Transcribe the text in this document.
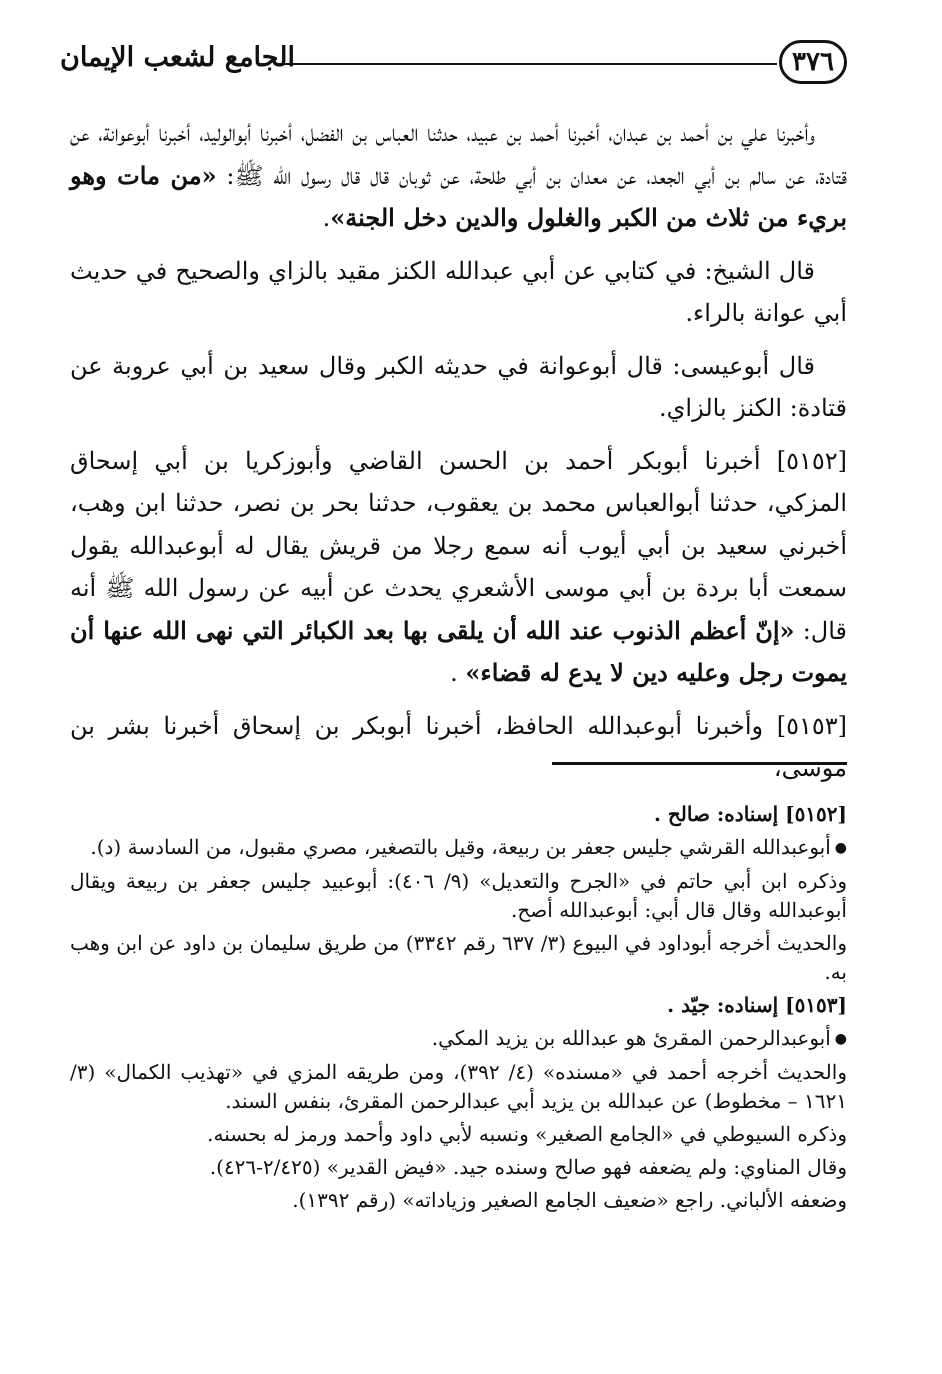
٣٧٦
الجامع لشعب الإيمان

وأخبرنا علي بن أحمد بن عبدان، أخبرنا أحمد بن عبيد، حدثنا العباس بن الفضل، أخبرنا أبوالوليد، أخبرنا أبوعوانة، عن قتادة، عن سالم بن أبي الجعد، عن معدان بن أبي طلحة، عن ثوبان قال قال رسول الله ﷺ: «من مات وهو بريء من ثلاث من الكبر والغلول والدين دخل الجنة».

قال الشيخ: في كتابي عن أبي عبدالله الكنز مقيد بالزاي والصحيح في حديث أبي عوانة بالراء.

قال أبوعيسى: قال أبوعوانة في حديثه الكبر وقال سعيد بن أبي عروبة عن قتادة: الكنز بالزاي.

[٥١٥٢] أخبرنا أبوبكر أحمد بن الحسن القاضي وأبوزكريا بن أبي إسحاق المزكي، حدثنا أبوالعباس محمد بن يعقوب، حدثنا بحر بن نصر، حدثنا ابن وهب، أخبرني سعيد بن أبي أيوب أنه سمع رجلا من قريش يقال له أبوعبدالله يقول سمعت أبا بردة بن أبي موسى الأشعري يحدث عن أبيه عن رسول الله ﷺ أنه قال: «إنّ أعظم الذنوب عند الله أن يلقى بها بعد الكبائر التي نهى الله عنها أن يموت رجل وعليه دين لا يدع له قضاء» .

[٥١٥٣] وأخبرنا أبوعبدالله الحافظ، أخبرنا أبوبكر بن إسحاق أخبرنا بشر بن موسى،

[٥١٥٢] إسناده: صالح .

●أبوعبدالله القرشي جليس جعفر بن ربيعة، وقيل بالتصغير، مصري مقبول، من السادسة (د).

وذكره ابن أبي حاتم في «الجرح والتعديل» (٩/ ٤٠٦): أبوعبيد جليس جعفر بن ربيعة ويقال أبوعبدالله وقال قال أبي: أبوعبدالله أصح.

والحديث أخرجه أبوداود في البيوع (٣/ ٦٣٧ رقم ٣٣٤٢) من طريق سليمان بن داود عن ابن وهب به.

[٥١٥٣] إسناده: جيّد .

●أبوعبدالرحمن المقرئ هو عبدالله بن يزيد المكي.

والحديث أخرجه أحمد في «مسنده» (٤/ ٣٩٢)، ومن طريقه المزي في «تهذيب الكمال» (٣/ ١٦٢١ – مخطوط) عن عبدالله بن يزيد أبي عبدالرحمن المقرئ، بنفس السند.

وذكره السيوطي في «الجامع الصغير» ونسبه لأبي داود وأحمد ورمز له بحسنه.

وقال المناوي: ولم يضعفه فهو صالح وسنده جيد. «فيض القدير» (٢/٤٢٥-٤٢٦).

وضعفه الألباني. راجع «ضعيف الجامع الصغير وزياداته» (رقم ١٣٩٢).
